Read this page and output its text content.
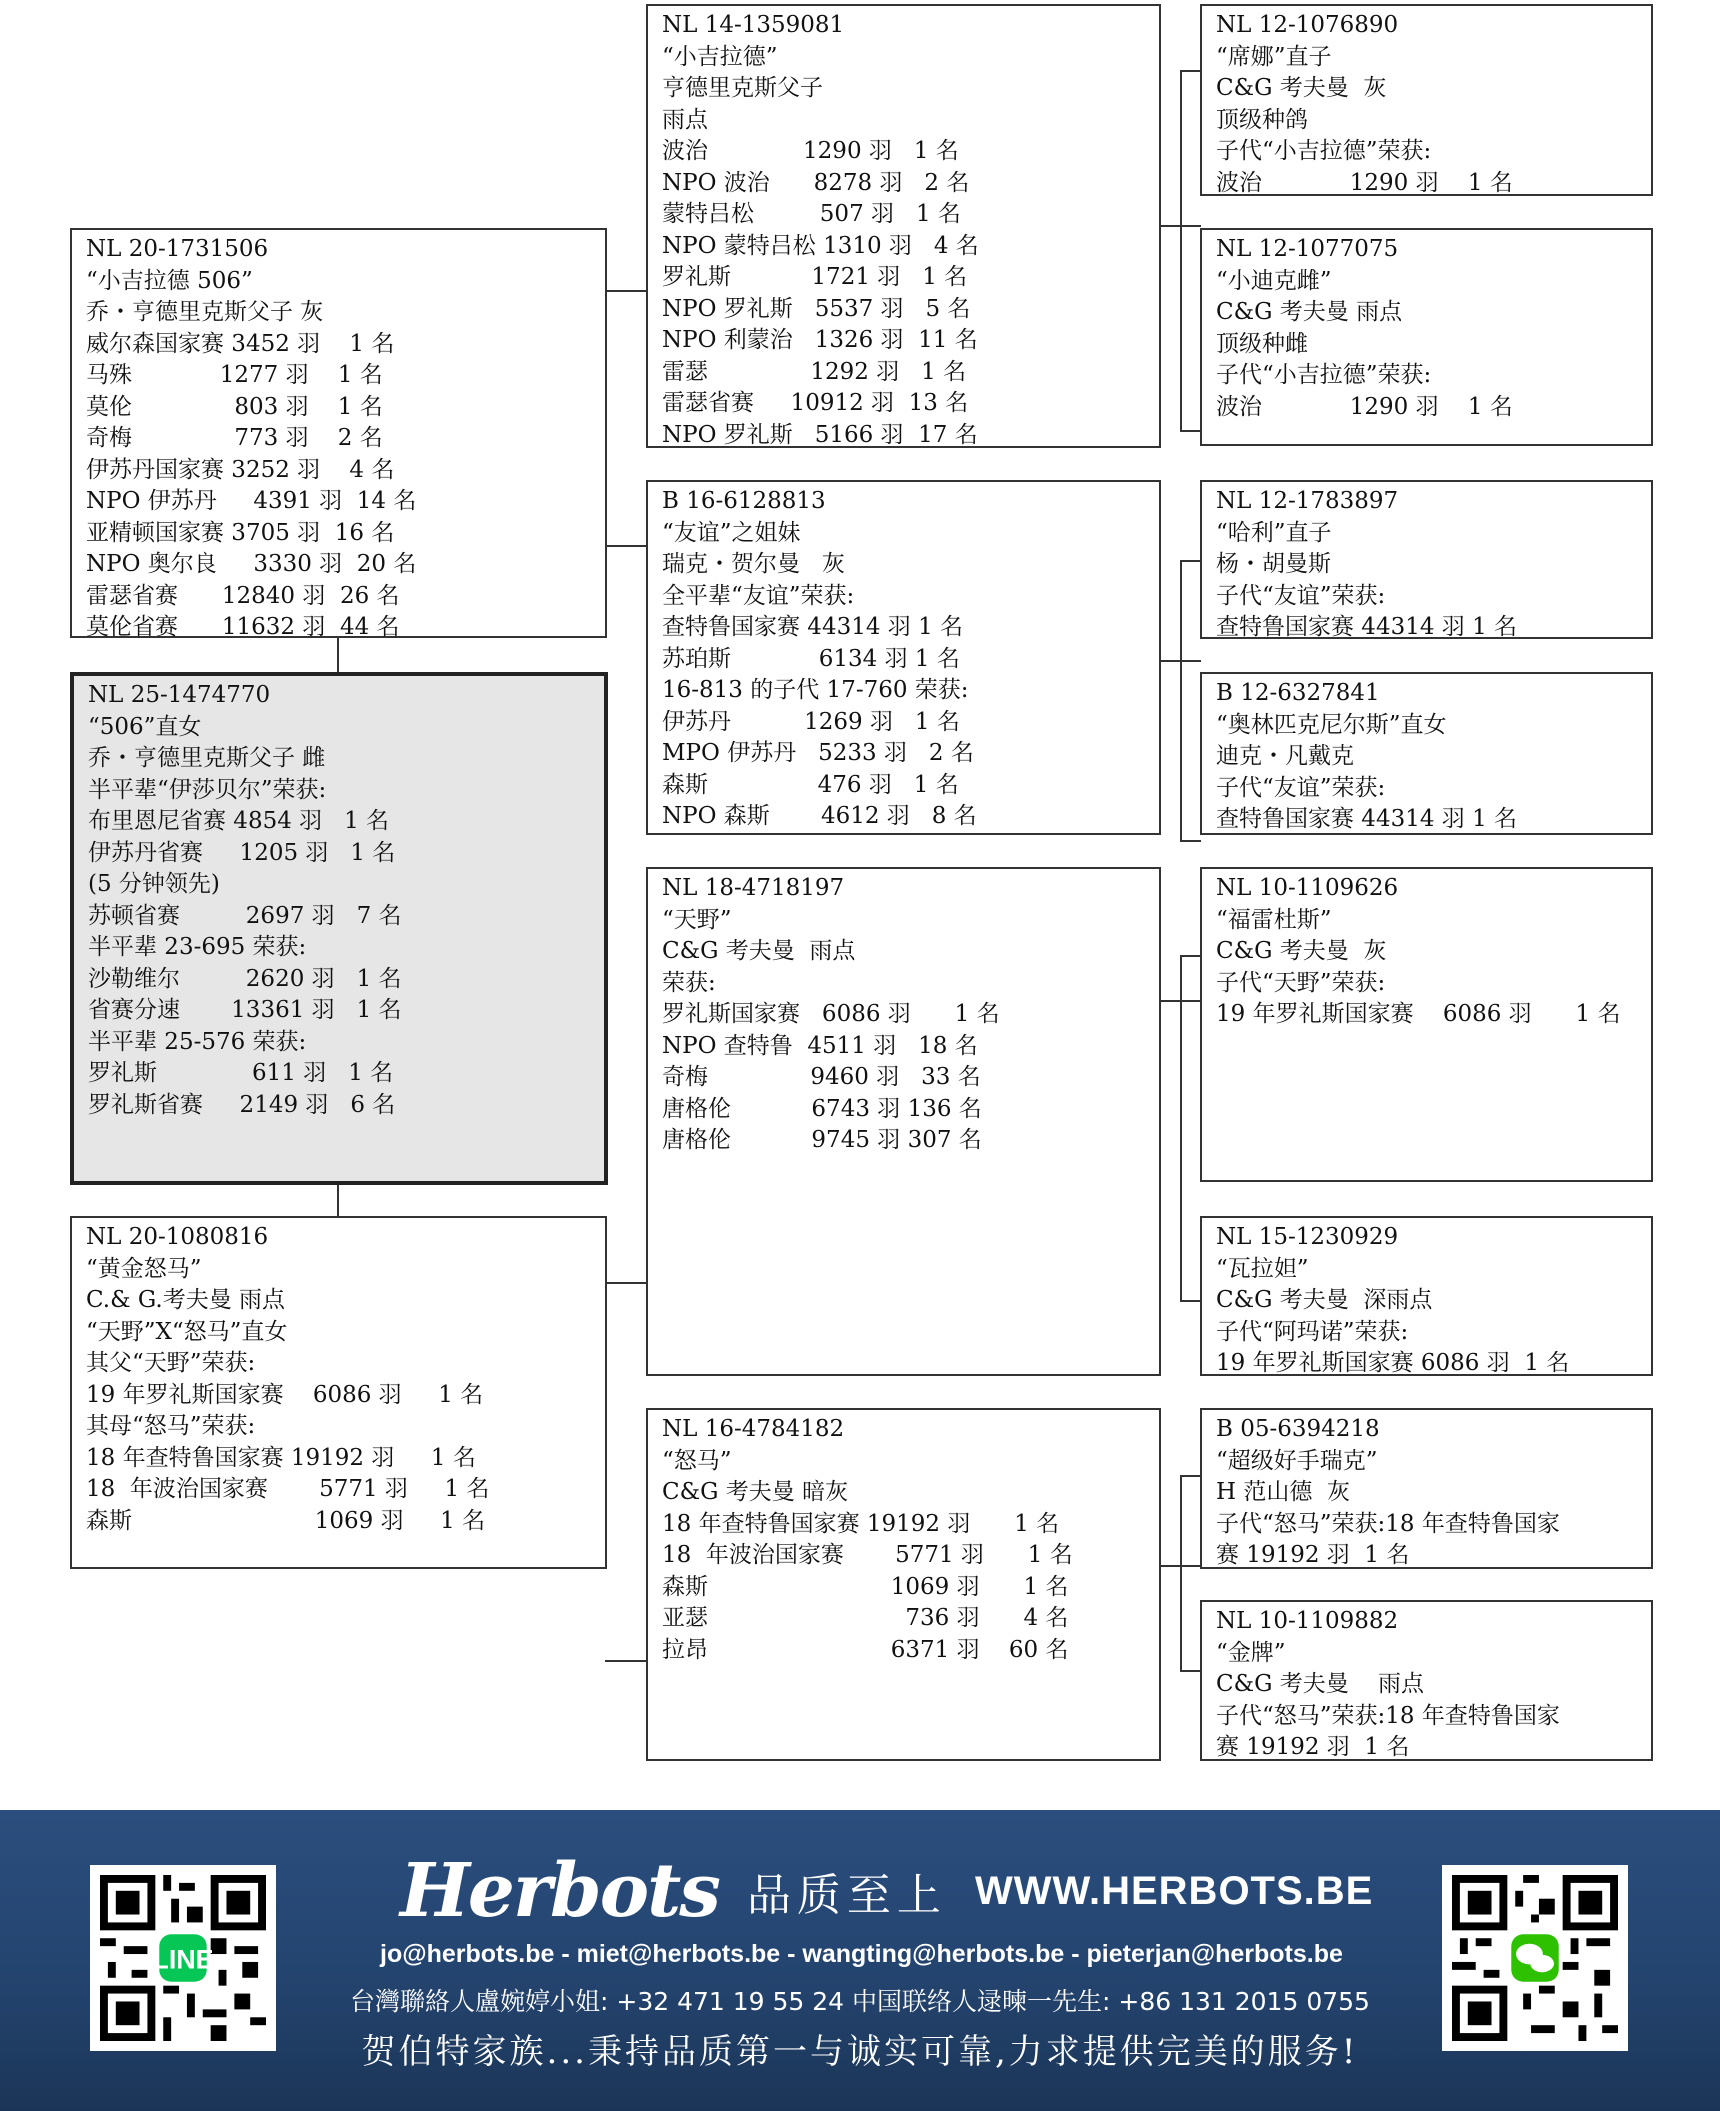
NL 20-1731506
“小吉拉德 506”
乔・亨德里克斯父子 灰
威尔森国家赛 3452 羽    1 名
马殊            1277 羽    1 名
莫伦              803 羽    1 名
奇梅              773 羽    2 名
伊苏丹国家赛 3252 羽    4 名
NPO 伊苏丹     4391 羽  14 名
亚精顿国家赛 3705 羽  16 名
NPO 奥尔良     3330 羽  20 名
雷瑟省赛      12840 羽  26 名
莫伦省赛      11632 羽  44 名
NL 25-1474770
“506”直女
乔・亨德里克斯父子 雌
半平辈“伊莎贝尔”荣获:
布里恩尼省赛 4854 羽   1 名
伊苏丹省赛     1205 羽   1 名
(5 分钟领先)
苏顿省赛         2697 羽   7 名
半平辈 23-695 荣获:
沙勒维尔         2620 羽   1 名
省赛分速       13361 羽   1 名
半平辈 25-576 荣获:
罗礼斯             611 羽   1 名
罗礼斯省赛     2149 羽   6 名
NL 20-1080816
“黄金怒马”
C.& G.考夫曼 雨点
“天野”X“怒马”直女
其父“天野”荣获:
19 年罗礼斯国家赛    6086 羽     1 名
其母“怒马”荣获:
18 年查特鲁国家赛 19192 羽     1 名
18  年波治国家赛       5771 羽     1 名
森斯                         1069 羽     1 名
NL 14-1359081
“小吉拉德”
亨德里克斯父子
雨点
波治             1290 羽   1 名
NPO 波治      8278 羽   2 名
蒙特吕松         507 羽   1 名
NPO 蒙特吕松 1310 羽   4 名
罗礼斯           1721 羽   1 名
NPO 罗礼斯   5537 羽   5 名
NPO 利蒙治   1326 羽  11 名
雷瑟              1292 羽   1 名
雷瑟省赛     10912 羽  13 名
NPO 罗礼斯   5166 羽  17 名
B 16-6128813
“友谊”之姐妹
瑞克・贺尔曼   灰
全平辈“友谊”荣获:
查特鲁国家赛 44314 羽 1 名
苏珀斯            6134 羽 1 名
16-813 的子代 17-760 荣获:
伊苏丹          1269 羽   1 名
MPO 伊苏丹   5233 羽   2 名
森斯               476 羽   1 名
NPO 森斯       4612 羽   8 名
NL 18-4718197
“天野”
C&G 考夫曼  雨点
荣获:
罗礼斯国家赛   6086 羽      1 名
NPO 查特鲁  4511 羽   18 名
奇梅              9460 羽   33 名
唐格伦           6743 羽 136 名
唐格伦           9745 羽 307 名
NL 16-4784182
“怒马”
C&G 考夫曼 暗灰
18 年查特鲁国家赛 19192 羽      1 名
18  年波治国家赛       5771 羽      1 名
森斯                         1069 羽      1 名
亚瑟                           736 羽      4 名
拉昂                         6371 羽    60 名
NL 12-1076890
“席娜”直子
C&G 考夫曼  灰
顶级种鸽
子代“小吉拉德”荣获:
波治            1290 羽    1 名
NL 12-1077075
“小迪克雌”
C&G 考夫曼 雨点
顶级种雌
子代“小吉拉德”荣获:
波治            1290 羽    1 名
NL 12-1783897
“哈利”直子
杨・胡曼斯
子代“友谊”荣获:
查特鲁国家赛 44314 羽 1 名
B 12-6327841
“奥林匹克尼尔斯”直女
迪克・凡戴克
子代“友谊”荣获:
查特鲁国家赛 44314 羽 1 名
NL 10-1109626
“福雷杜斯”
C&G 考夫曼  灰
子代“天野”荣获:
19 年罗礼斯国家赛    6086 羽      1 名
NL 15-1230929
“瓦拉妲”
C&G 考夫曼  深雨点
子代“阿玛诺”荣获:
19 年罗礼斯国家赛 6086 羽  1 名
B 05-6394218
“超级好手瑞克”
H 范山德  灰
子代“怒马”荣获:18 年查特鲁国家
赛 19192 羽  1 名
NL 10-1109882
“金牌”
C&G 考夫曼    雨点
子代“怒马”荣获:18 年查特鲁国家
赛 19192 羽  1 名
LINE
Herbots 品质至上 WWW.HERBOTS.BE
jo@herbots.be - miet@herbots.be - wangting@herbots.be - pieterjan@herbots.be
台灣聯絡人盧婉婷小姐: +32 471 19 55 24 中国联络人逯暕一先生: +86 131 2015 0755
贺伯特家族...秉持品质第一与诚实可靠,力求提供完美的服务!
